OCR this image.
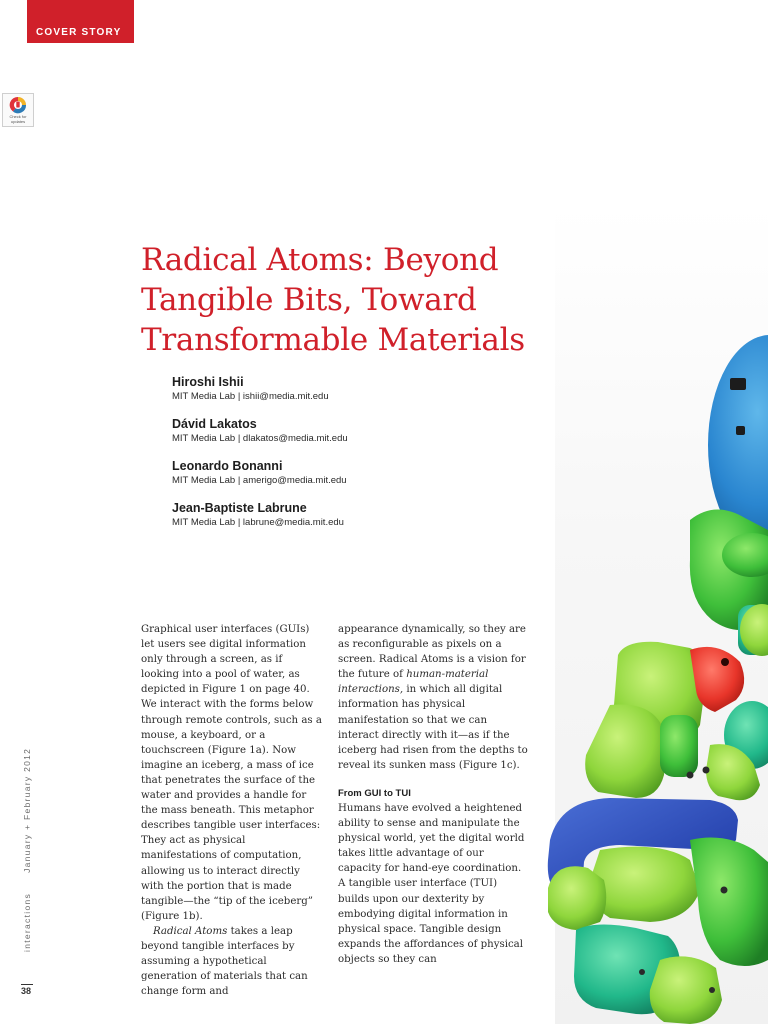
COVER STORY
Check for
updates
Radical Atoms: Beyond
Tangible Bits, Toward
Transformable Materials
Hiroshi Ishii
MIT Media Lab | ishii@media.mit.edu
Dávid Lakatos
MIT Media Lab | dlakatos@media.mit.edu
Leonardo Bonanni
MIT Media Lab | amerigo@media.mit.edu
Jean-Baptiste Labrune
MIT Media Lab | labrune@media.mit.edu

Graphical user interfaces (GUIs) let users see digital information only through a screen, as if looking into a pool of water, as depicted in Figure 1 on page 40. We interact with the forms below through remote controls, such as a mouse, a keyboard, or a touchscreen (Figure 1a). Now imagine an iceberg, a mass of ice that penetrates the surface of the water and provides a handle for the mass beneath. This metaphor describes tangible user interfaces: They act as physical manifestations of computation, allowing us to interact directly with the portion that is made tangible—the “tip of the iceberg” (Figure 1b).

Radical Atoms takes a leap beyond tangible interfaces by assuming a hypothetical generation of materials that can change form and

appearance dynamically, so they are as reconfigurable as pixels on a screen. Radical Atoms is a vision for the future of human-material interactions, in which all digital information has physical manifestation so that we can interact directly with it—as if the iceberg had risen from the depths to reveal its sunken mass (Figure 1c).

From GUI to TUI

Humans have evolved a heightened ability to sense and manipulate the physical world, yet the digital world takes little advantage of our capacity for hand-eye coordination. A tangible user interface (TUI) builds upon our dexterity by embodying digital information in physical space. Tangible design expands the affordances of physical objects so they can

interactionsJanuary + February 2012
38
